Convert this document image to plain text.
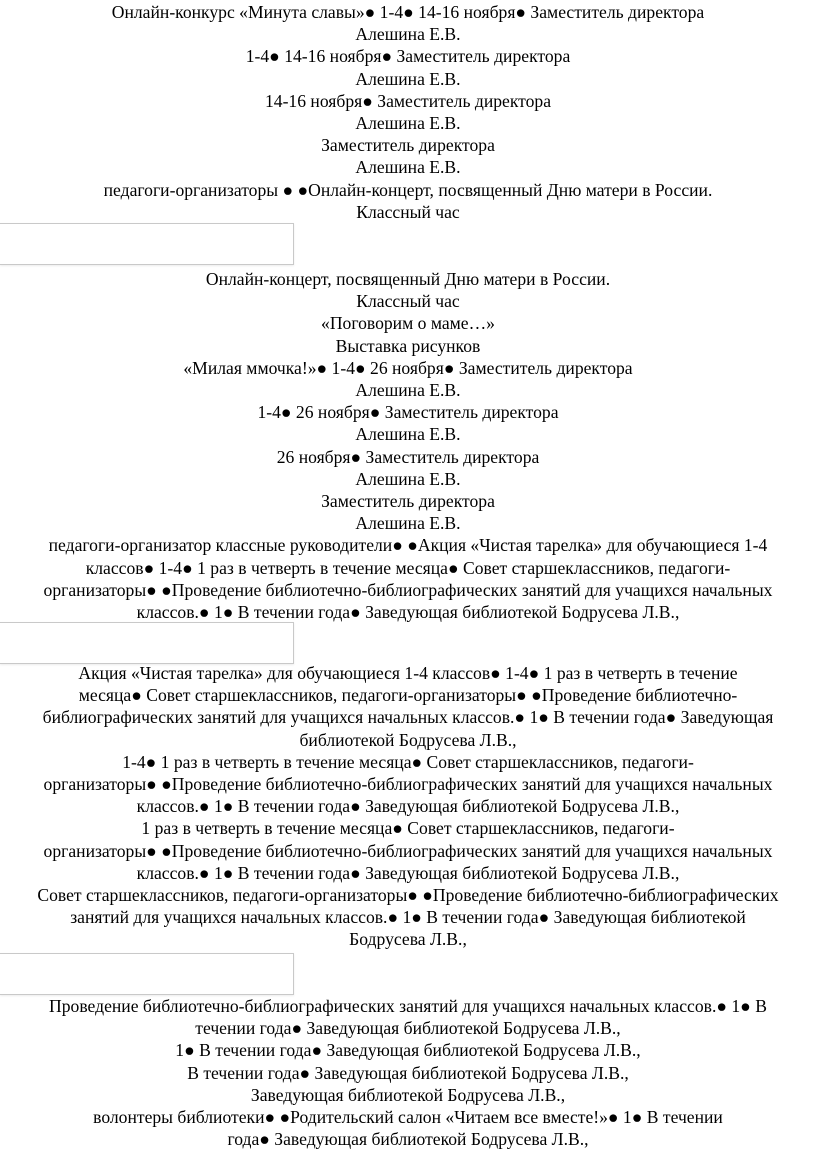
Онлайн-конкурс «Минута славы»● 1-4● 14-16 ноября● Заместитель директора
Алешина Е.В.
1-4● 14-16 ноября● Заместитель директора
Алешина Е.В.
14-16 ноября● Заместитель директора
Алешина Е.В.
Заместитель директора
Алешина Е.В.
педагоги-организаторы ● ●Онлайн-концерт, посвященный Дню матери в России.
Классный час
Онлайн-концерт, посвященный Дню матери в России.
Классный час
«Поговорим о маме…»
Выставка рисунков
«Милая ммочка!»● 1-4● 26 ноября● Заместитель директора
Алешина Е.В.
1-4● 26 ноября● Заместитель директора
Алешина Е.В.
26 ноября● Заместитель директора
Алешина Е.В.
Заместитель директора
Алешина Е.В.
педагоги-организатор классные руководители● ●Акция «Чистая тарелка» для обучающиеся 1-4
классов● 1-4● 1 раз в четверть в течение месяца● Совет старшеклассников, педагоги-
организаторы● ●Проведение библиотечно-библиографических занятий для учащихся начальных
классов.● 1● В течении года● Заведующая библиотекой Бодрусева Л.В.,
Акция «Чистая тарелка» для обучающиеся 1-4 классов● 1-4● 1 раз в четверть в течение
месяца● Совет старшеклассников, педагоги-организаторы● ●Проведение библиотечно-
библиографических занятий для учащихся начальных классов.● 1● В течении года● Заведующая
библиотекой Бодрусева Л.В.,
1-4● 1 раз в четверть в течение месяца● Совет старшеклассников, педагоги-
организаторы● ●Проведение библиотечно-библиографических занятий для учащихся начальных
классов.● 1● В течении года● Заведующая библиотекой Бодрусева Л.В.,
1 раз в четверть в течение месяца● Совет старшеклассников, педагоги-
организаторы● ●Проведение библиотечно-библиографических занятий для учащихся начальных
классов.● 1● В течении года● Заведующая библиотекой Бодрусева Л.В.,
Совет старшеклассников, педагоги-организаторы● ●Проведение библиотечно-библиографических
занятий для учащихся начальных классов.● 1● В течении года● Заведующая библиотекой
Бодрусева Л.В.,
Проведение библиотечно-библиографических занятий для учащихся начальных классов.● 1● В
течении года● Заведующая библиотекой Бодрусева Л.В.,
1● В течении года● Заведующая библиотекой Бодрусева Л.В.,
В течении года● Заведующая библиотекой Бодрусева Л.В.,
Заведующая библиотекой Бодрусева Л.В.,
волонтеры библиотеки● ●Родительский салон «Читаем все вместе!»● 1● В течении
года● Заведующая библиотекой Бодрусева Л.В.,
